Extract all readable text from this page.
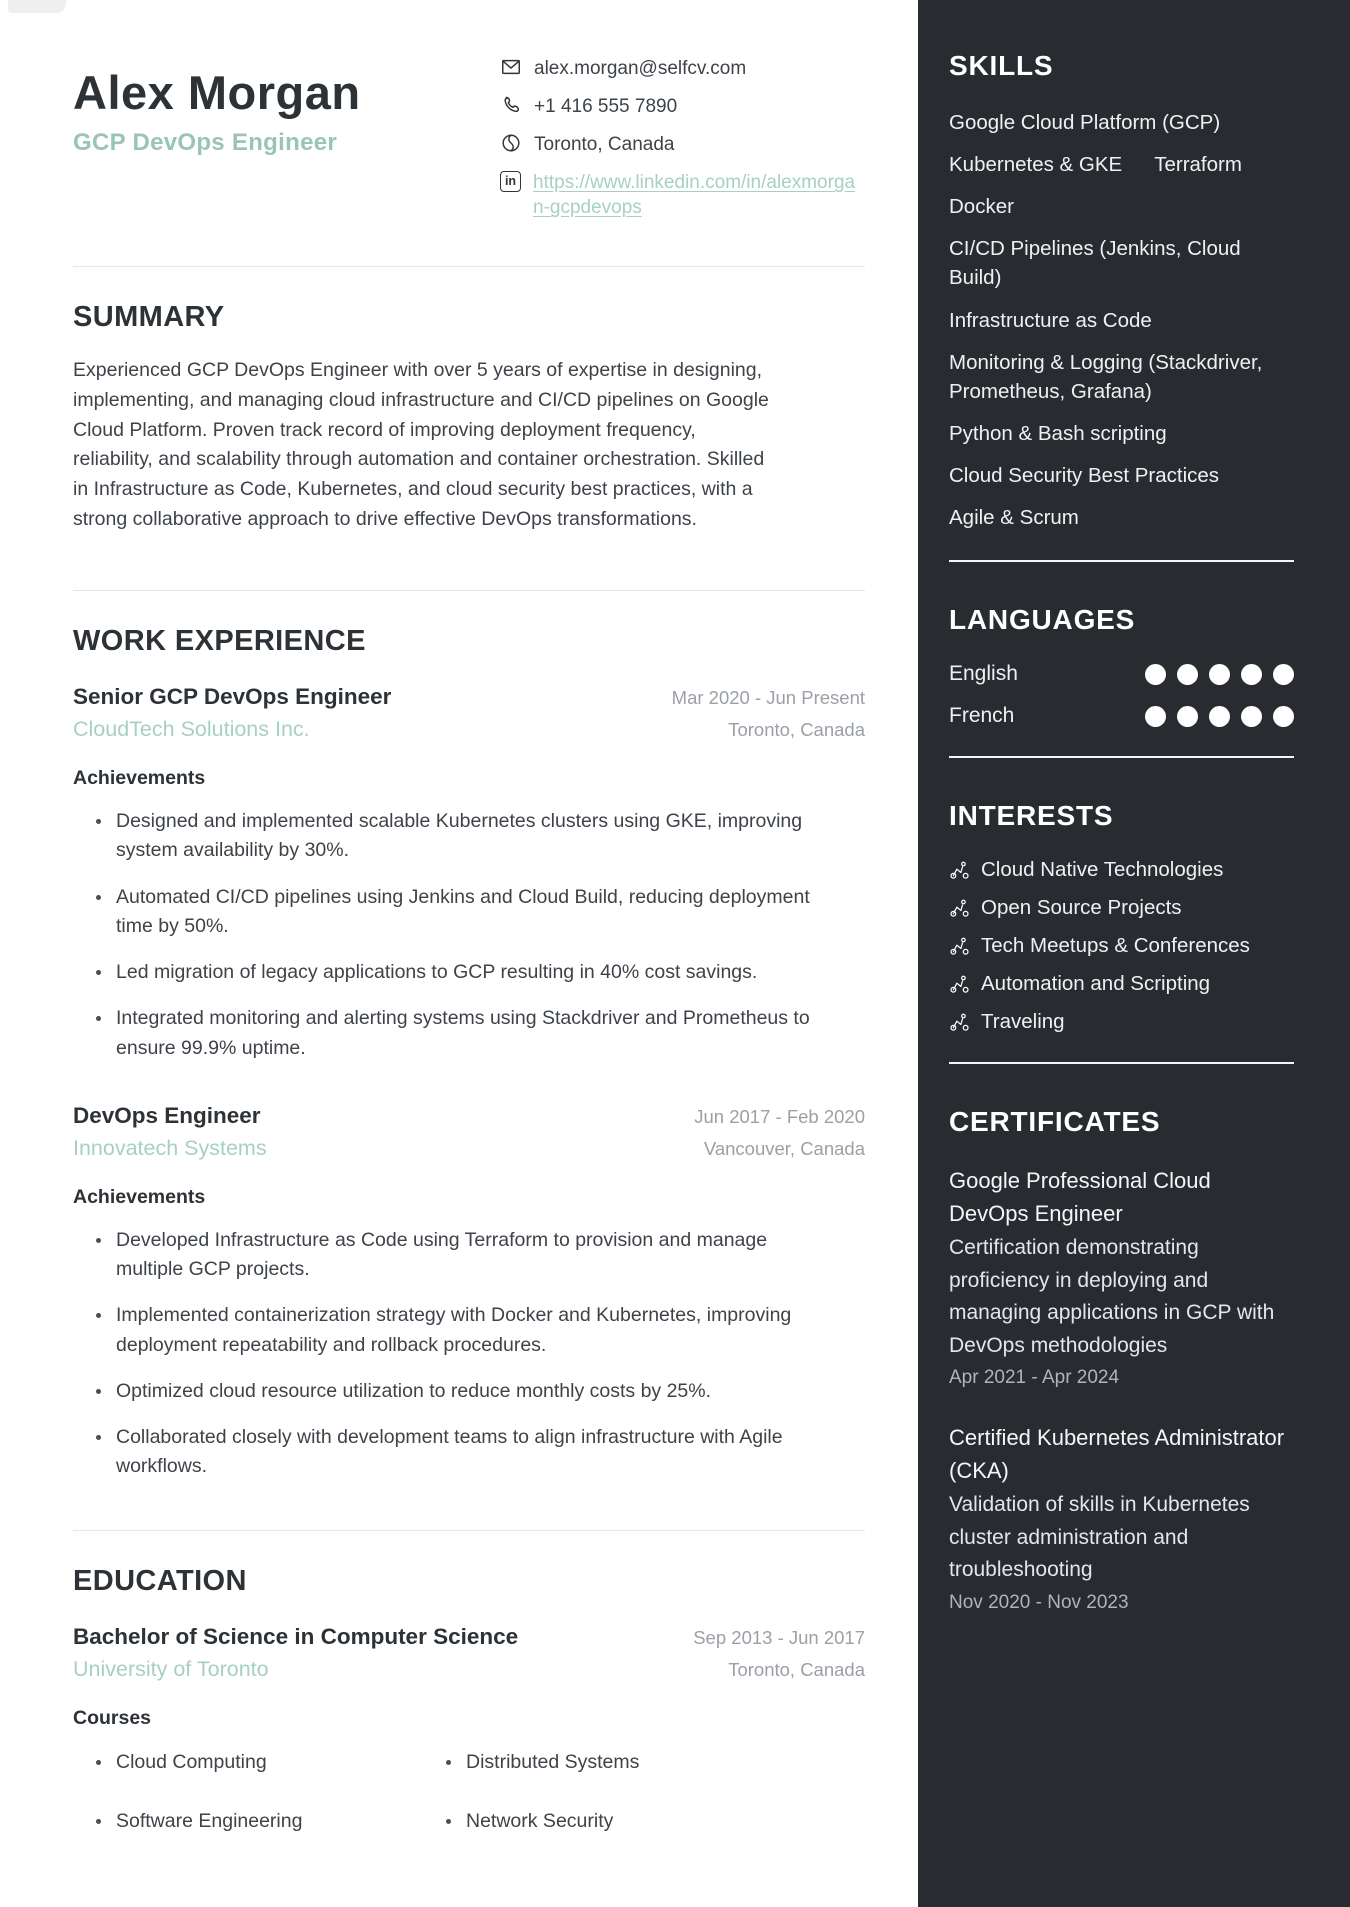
Alex Morgan
GCP DevOps Engineer
alex.morgan@selfcv.com
+1 416 555 7890
Toronto, Canada
in https://www.linkedin.com/in/alexmorgan-gcpdevops
SUMMARY

Experienced GCP DevOps Engineer with over 5 years of expertise in designing, implementing, and managing cloud infrastructure and CI/CD pipelines on Google Cloud Platform. Proven track record of improving deployment frequency, reliability, and scalability through automation and container orchestration. Skilled in Infrastructure as Code, Kubernetes, and cloud security best practices, with a strong collaborative approach to drive effective DevOps transformations.

WORK EXPERIENCE
Senior GCP DevOps Engineer	Mar 2020 - Jun Present
CloudTech Solutions Inc.	Toronto, Canada
Achievements
Designed and implemented scalable Kubernetes clusters using GKE, improving system availability by 30%.
Automated CI/CD pipelines using Jenkins and Cloud Build, reducing deployment time by 50%.
Led migration of legacy applications to GCP resulting in 40% cost savings.
Integrated monitoring and alerting systems using Stackdriver and Prometheus to ensure 99.9% uptime.
DevOps Engineer	Jun 2017 - Feb 2020
Innovatech Systems	Vancouver, Canada
Achievements
Developed Infrastructure as Code using Terraform to provision and manage multiple GCP projects.
Implemented containerization strategy with Docker and Kubernetes, improving deployment repeatability and rollback procedures.
Optimized cloud resource utilization to reduce monthly costs by 25%.
Collaborated closely with development teams to align infrastructure with Agile workflows.
EDUCATION
Bachelor of Science in Computer Science	Sep 2013 - Jun 2017
University of Toronto	Toronto, Canada
Courses
Cloud Computing	Distributed Systems
Software Engineering	Network Security
SKILLS
Google Cloud Platform (GCP)
Kubernetes & GKE Terraform
Docker
CI/CD Pipelines (Jenkins, Cloud Build)
Infrastructure as Code
Monitoring & Logging (Stackdriver, Prometheus, Grafana)
Python & Bash scripting
Cloud Security Best Practices
Agile & Scrum
LANGUAGES
English
French
INTERESTS
Cloud Native Technologies
Open Source Projects
Tech Meetups & Conferences
Automation and Scripting
Traveling
CERTIFICATES
Google Professional Cloud DevOps Engineer
Certification demonstrating proficiency in deploying and managing applications in GCP with DevOps methodologies
Apr 2021 - Apr 2024
Certified Kubernetes Administrator (CKA)
Validation of skills in Kubernetes cluster administration and troubleshooting
Nov 2020 - Nov 2023
